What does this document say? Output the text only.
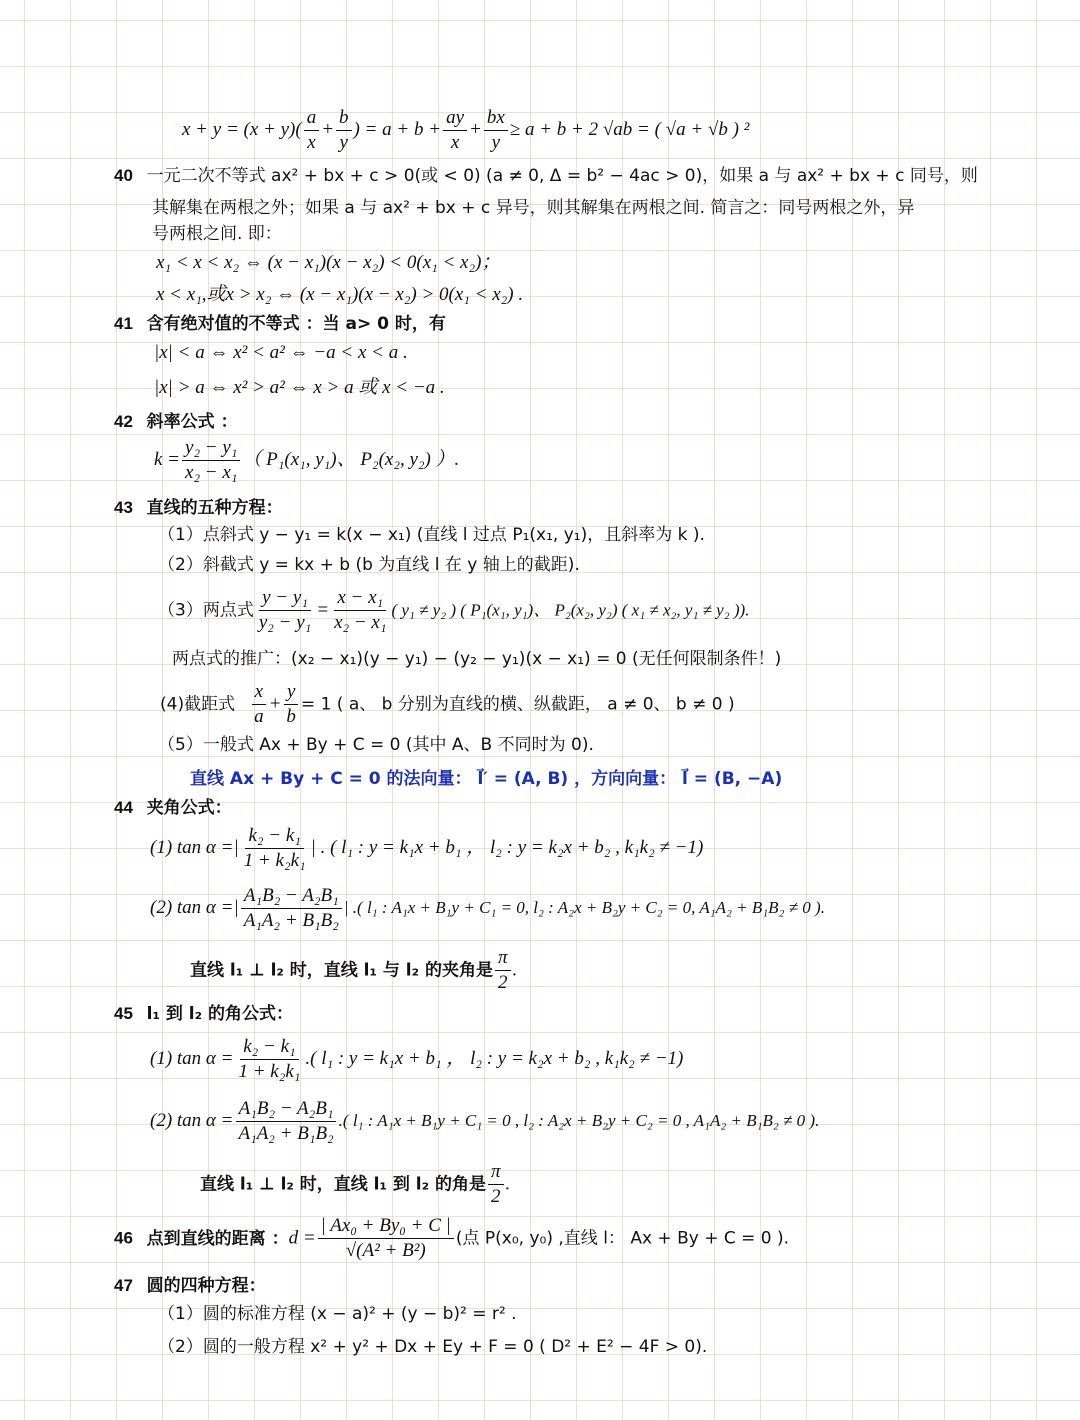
$x + y = (x + y)( \frac{a}{x} + \frac{b}{y}$ ) = $a + b + \frac{ay}{x} + \frac{bx}{y} \ge a + b + 2$ √ab = ( √a + √b ) ²
40 一元二次不等式 ax² + bx + c > 0(或 < 0) (a ≠ 0, Δ = b² − 4ac > 0)，如果 a 与 ax² + bx + c 同号，则
其解集在两根之外；如果 a 与 ax² + bx + c 异号，则其解集在两根之间. 简言之：同号两根之外，异
号两根之间. 即：
x₁ < x < x₂ ⇔ (x − x₁)(x − x₂) < 0(x₁ < x₂)；
x < x₁,或x > x₂ ⇔ (x − x₁)(x − x₂) > 0(x₁ < x₂) .
41 含有绝对值的不等式 ：当 a> 0 时，有
|x| < a ⇔ x² < a² ⇔ −a < x < a .
|x| > a ⇔ x² > a² ⇔ x > a 或 x < −a .
42 斜率公式 ：
$k = \frac{\text{y₂ − y₁}}{\text{x₂ − x₁}}$ （ P₁(x₁, y₁)、 P₂(x₂, y₂) ）.
43 直线的五种方程：
（1）点斜式 y − y₁ = k(x − x₁) (直线 l 过点 P₁(x₁, y₁)，且斜率为 k ).
（2）斜截式 y = kx + b (b 为直线 l 在 y 轴上的截距).
（3）两点式 $\frac{\text{y − y₁}}{\text{y₂ − y₁}} = \frac{\text{x − x₁}}{\text{x₂ − x₁}}$ ( y₁ ≠ y₂ ) ( P₁(x₁, y₁)、 P₂(x₂, y₂) ( x₁ ≠ x₂, y₁ ≠ y₂ )).
两点式的推广：(x₂ − x₁)(y − y₁) − (y₂ − y₁)(x − x₁) = 0 (无任何限制条件！)
(4)截距式 $\frac{x}{a} + \frac{y}{b} = 1$ ( a、 b 分别为直线的横、纵截距， a ≠ 0、 b ≠ 0 )
（5）一般式 Ax + By + C = 0 (其中 A、B 不同时为 0).
直线 Ax + By + C = 0 的法向量： l⃗′ = (A, B) ，方向向量： l⃗ = (B, −A)
44 夹角公式：
(1) tan α =| $\frac{\text{k₂ − k₁}}{\text{1 + k₂k₁}}$ | . ( l₁ : y = k₁x + b₁ ， l₂ : y = k₂x + b₂ , k₁k₂ ≠ −1)
(2) tan α =| $\frac{\text{A₁B₂ − A₂B₁}}{\text{A₁A₂ + B₁B₂}}$ | .( l₁ : A₁x + B₁y + C₁ = 0, l₂ : A₂x + B₂y + C₂ = 0, A₁A₂ + B₁B₂ ≠ 0 ).
直线 l₁ ⊥ l₂ 时，直线 l₁ 与 l₂ 的夹角是 $\frac{\pi}{2}$ .
45 l₁ 到 l₂ 的角公式：
(1) $\tan \alpha = \frac{\text{k₂ − k₁}}{\text{1 + k₂k₁}}$ .( l₁ : y = k₁x + b₁ ， l₂ : y = k₂x + b₂ , k₁k₂ ≠ −1)
(2) $\tan \alpha = \frac{\text{A₁B₂ − A₂B₁}}{\text{A₁A₂ + B₁B₂}}$ .( l₁ : A₁x + B₁y + C₁ = 0 , l₂ : A₂x + B₂y + C₂ = 0 , A₁A₂ + B₁B₂ ≠ 0 ).
直线 l₁ ⊥ l₂ 时，直线 l₁ 到 l₂ 的角是 $\frac{\pi}{2}$ .
46 点到直线的距离 ：$d = \frac{\text{| Ax₀ + By₀ + C |}}{\text{√(A² + B²)}}$ (点 P(x₀, y₀) ,直线 l： Ax + By + C = 0 ).
47 圆的四种方程：
（1）圆的标准方程 (x − a)² + (y − b)² = r² .
（2）圆的一般方程 x² + y² + Dx + Ey + F = 0 ( D² + E² − 4F > 0).
